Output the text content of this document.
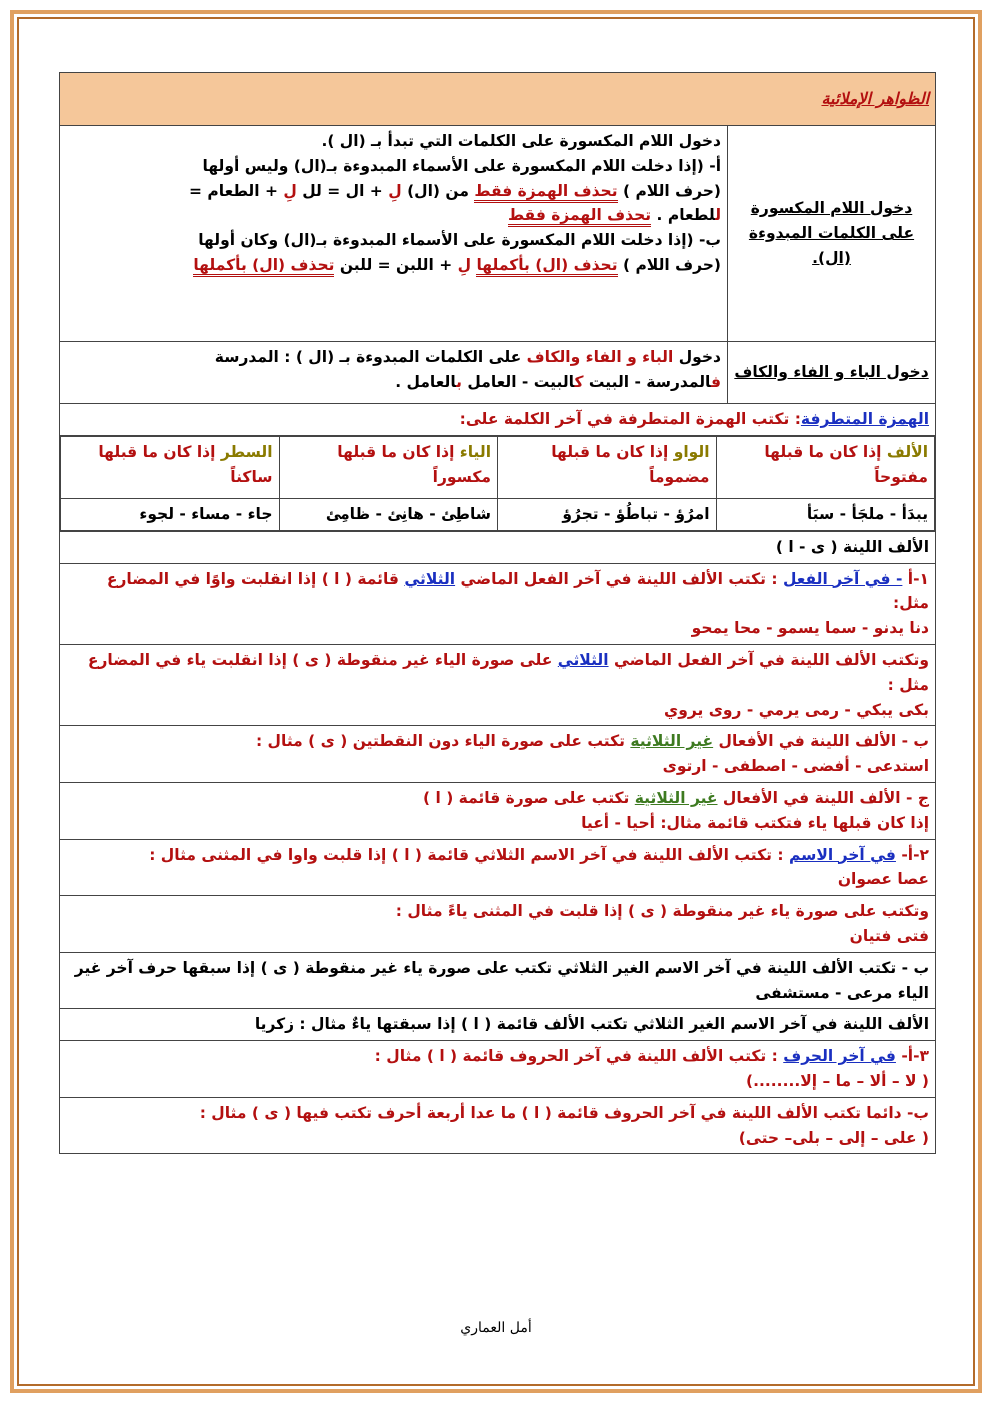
الظواهر الإملائية
دخول اللام المكسورة على الكلمات المبدوءة (ال).	
دخول اللام المكسورة على الكلمات التي تبدأ بـ (ال ).
أ- (إذا دخلت اللام المكسورة على الأسماء المبدوءة بـ(ال) وليس أولها
(حرف اللام ) تحذف الهمزة فقط من (ال) لِ + ال = لل لِ + الطعام =
للطعام . تحذف الهمزة فقط
ب- (إذا دخلت اللام المكسورة على الأسماء المبدوءة بـ(ال) وكان أولها
(حرف اللام ) تحذف (ال) بأكملها لِ + اللبن = للبن تحذف (ال) بأكملها

دخول الباء و الفاء والكاف	
دخول الباء و الفاء والكاف على الكلمات المبدوءة بـ (ال ) : المدرسة
فالمدرسة - البيت كالبيت - العامل بالعامل .

الهمزة المتطرفة: تكتب الهمزة المتطرفة في آخر الكلمة على:

الألف إذا كان ما قبلها مفتوحاً	الواو إذا كان ما قبلها مضموماً	الياء إذا كان ما قبلها مكسوراً	السطر إذا كان ما قبلها ساكناً
يبدَأ - ملجَأ - سبَأ	امرُؤ - تباطُؤ - تجرُؤ	شاطِئ - هانِئ - ظامِئ	جاء - مساء - لجوء

الألف اللينة ( ى - ا )

١-أ - في آخر الفعل : تكتب الألف اللينة في آخر الفعل الماضي الثلاثي قائمة ( ا ) إذا انقلبت واوًا في المضارع مثل:
دنا يدنو - سما يسمو - محا يمحو

وتكتب الألف اللينة في آخر الفعل الماضي الثلاثي على صورة الياء غير منقوطة ( ى ) إذا انقلبت ياء في المضارع مثل :
بكى يبكي - رمى يرمي - روى يروي

ب - الألف اللينة في الأفعال غير الثلاثية تكتب على صورة الياء دون النقطتين ( ى ) مثال :
استدعى - أفضى - اصطفى - ارتوى

ج - الألف اللينة في الأفعال غير الثلاثية تكتب على صورة قائمة ( ا )
إذا كان قبلها ياء فتكتب قائمة مثال: أحيا - أعيا

٢-أ- في آخر الاسم : تكتب الألف اللينة في آخر الاسم الثلاثي قائمة ( ا ) إذا قلبت واوا في المثنى مثال :
عصا عصوان

وتكتب على صورة ياء غير منقوطة ( ى ) إذا قلبت في المثنى ياءً مثال :
فتى فتيان

ب - تكتب الألف اللينة في آخر الاسم الغير الثلاثي تكتب على صورة ياء غير منقوطة ( ى ) إذا سبقها حرف آخر غير الياء مرعى - مستشفى
الألف اللينة في آخر الاسم الغير الثلاثي تكتب الألف قائمة ( ا ) إذا سبقتها ياءٌ مثال : زكريا

٣-أ- في آخر الحرف : تكتب الألف اللينة في آخر الحروف قائمة ( ا ) مثال :
( لا – ألا – ما – إلا........)

ب- دائما تكتب الألف اللينة في آخر الحروف قائمة ( ا ) ما عدا أربعة أحرف تكتب فيها ( ى ) مثال :
( على – إلى – بلى– حتى)
أمل العماري
